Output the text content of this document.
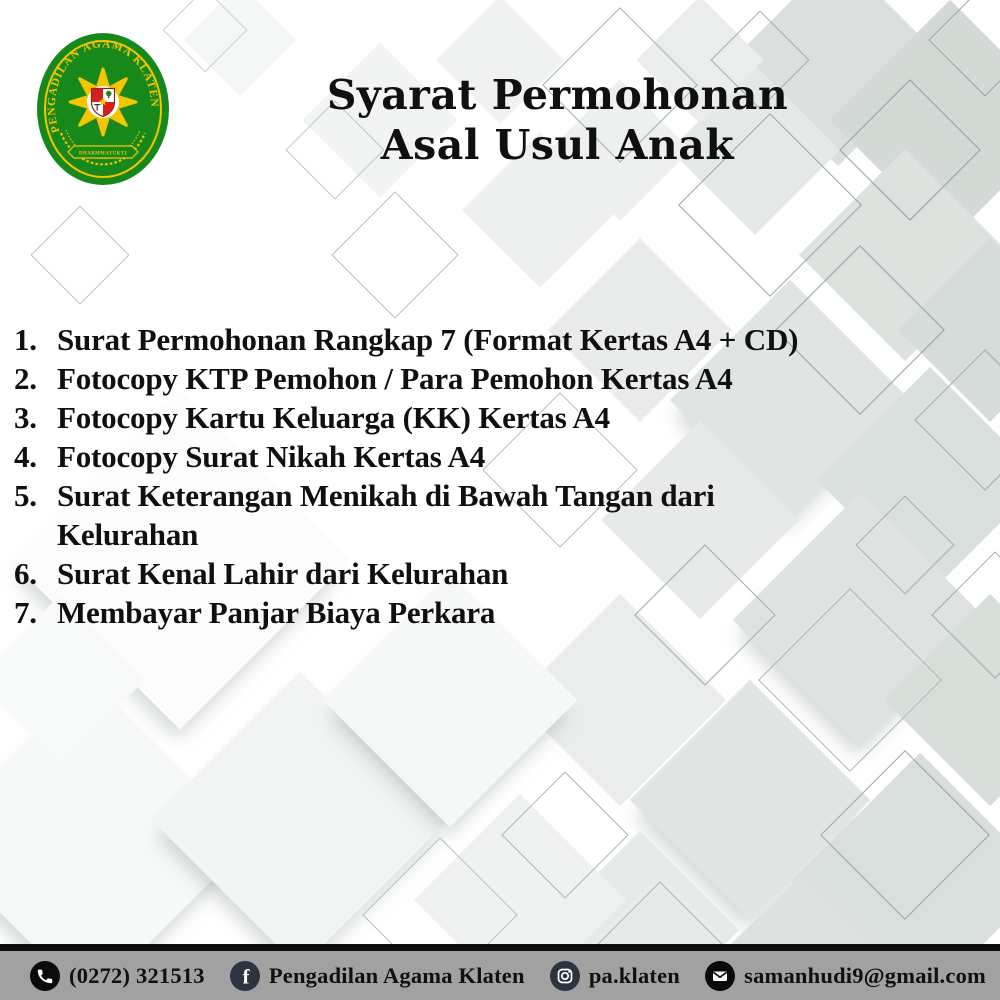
PENGADILAN AGAMA KLATEN
DHARMMAYUKTI
Syarat Permohonan
Asal Usul Anak
1. Surat Permohonan Rangkap 7 (Format Kertas A4 + CD)
2. Fotocopy KTP Pemohon / Para Pemohon Kertas A4
3. Fotocopy Kartu Keluarga (KK) Kertas A4
4. Fotocopy Surat Nikah Kertas A4
5. Surat Keterangan Menikah di Bawah Tangan dari
Kelurahan
6. Surat Kenal Lahir dari Kelurahan
7. Membayar Panjar Biaya Perkara
(0272) 321513 f Pengadilan Agama Klaten	pa.klaten	samanhudi9@gmail.com
